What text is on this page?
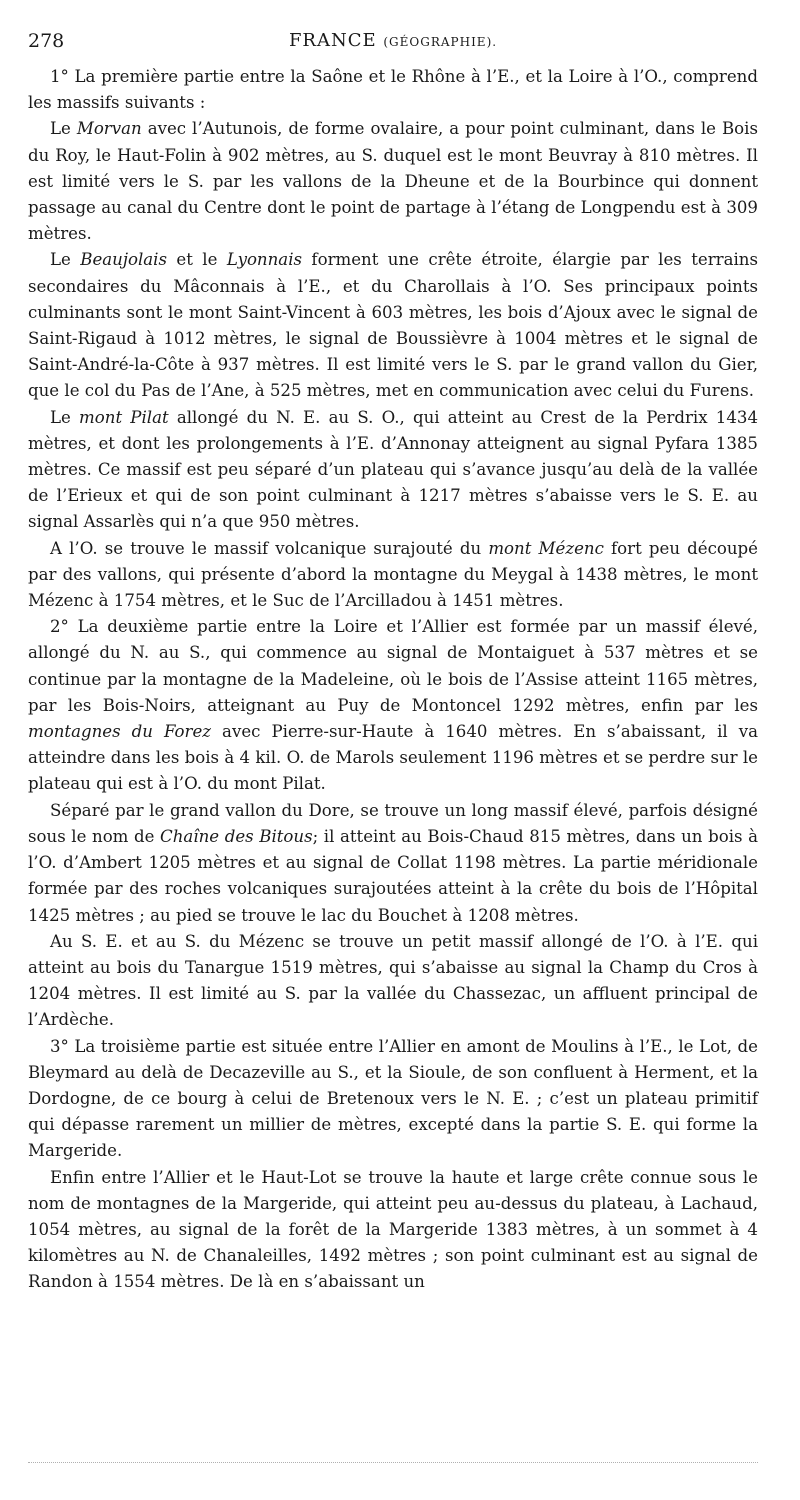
278	FRANCE (GÉOGRAPHIE).

1° La première partie entre la Saône et le Rhône à l’E., et la Loire à l’O., comprend les massifs suivants :

Le Morvan avec l’Autunois, de forme ovalaire, a pour point culminant, dans le Bois du Roy, le Haut-Folin à 902 mètres, au S. duquel est le mont Beuvray à 810 mètres. Il est limité vers le S. par les vallons de la Dheune et de la Bourbince qui donnent passage au canal du Centre dont le point de partage à l’étang de Longpendu est à 309 mètres.

Le Beaujolais et le Lyonnais forment une crête étroite, élargie par les terrains secondaires du Mâconnais à l’E., et du Charollais à l’O. Ses principaux points culminants sont le mont Saint-Vincent à 603 mètres, les bois d’Ajoux avec le signal de Saint-Rigaud à 1012 mètres, le signal de Boussièvre à 1004 mètres et le signal de Saint-André-la-Côte à 937 mètres. Il est limité vers le S. par le grand vallon du Gier, que le col du Pas de l’Ane, à 525 mètres, met en communication avec celui du Furens.

Le mont Pilat allongé du N. E. au S. O., qui atteint au Crest de la Perdrix 1434 mètres, et dont les prolongements à l’E. d’Annonay atteignent au signal Pyfara 1385 mètres. Ce massif est peu séparé d’un plateau qui s’avance jusqu’au delà de la vallée de l’Erieux et qui de son point culminant à 1217 mètres s’abaisse vers le S. E. au signal Assarlès qui n’a que 950 mètres.

A l’O. se trouve le massif volcanique surajouté du mont Mézenc fort peu découpé par des vallons, qui présente d’abord la montagne du Meygal à 1438 mètres, le mont Mézenc à 1754 mètres, et le Suc de l’Arcilladou à 1451 mètres.

2° La deuxième partie entre la Loire et l’Allier est formée par un massif élevé, allongé du N. au S., qui commence au signal de Montaiguet à 537 mètres et se continue par la montagne de la Madeleine, où le bois de l’Assise atteint 1165 mètres, par les Bois-Noirs, atteignant au Puy de Montoncel 1292 mètres, enfin par les montagnes du Forez avec Pierre-sur-Haute à 1640 mètres. En s’abaissant, il va atteindre dans les bois à 4 kil. O. de Marols seulement 1196 mètres et se perdre sur le plateau qui est à l’O. du mont Pilat.

Séparé par le grand vallon du Dore, se trouve un long massif élevé, parfois désigné sous le nom de Chaîne des Bitous; il atteint au Bois-Chaud 815 mètres, dans un bois à l’O. d’Ambert 1205 mètres et au signal de Collat 1198 mètres. La partie méridionale formée par des roches volcaniques surajoutées atteint à la crête du bois de l’Hôpital 1425 mètres ; au pied se trouve le lac du Bouchet à 1208 mètres.

Au S. E. et au S. du Mézenc se trouve un petit massif allongé de l’O. à l’E. qui atteint au bois du Tanargue 1519 mètres, qui s’abaisse au signal la Champ du Cros à 1204 mètres. Il est limité au S. par la vallée du Chassezac, un affluent principal de l’Ardèche.

3° La troisième partie est située entre l’Allier en amont de Moulins à l’E., le Lot, de Bleymard au delà de Decazeville au S., et la Sioule, de son confluent à Herment, et la Dordogne, de ce bourg à celui de Bretenoux vers le N. E. ; c’est un plateau primitif qui dépasse rarement un millier de mètres, excepté dans la partie S. E. qui forme la Margeride.

Enfin entre l’Allier et le Haut-Lot se trouve la haute et large crête connue sous le nom de montagnes de la Margeride, qui atteint peu au-dessus du plateau, à Lachaud, 1054 mètres, au signal de la forêt de la Margeride 1383 mètres, à un sommet à 4 kilomètres au N. de Chanaleilles, 1492 mètres ; son point culminant est au signal de Randon à 1554 mètres. De là en s’abaissant un
